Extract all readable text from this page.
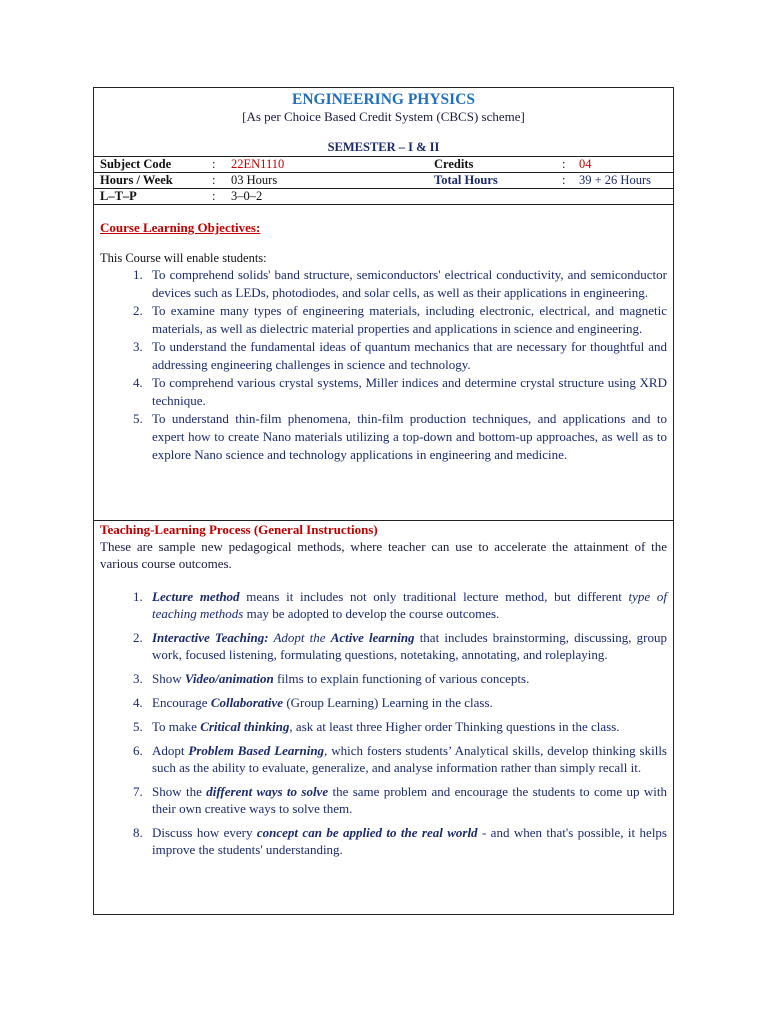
ENGINEERING PHYSICS
[As per Choice Based Credit System (CBCS) scheme]
SEMESTER – I & II
Subject Code	: 22EN1110	Credits	: 04
Hours / Week	: 03 Hours	Total Hours	: 39 + 26 Hours
L–T–P	: 3–0–2
Course Learning Objectives:
This Course will enable students:
1. To comprehend solids' band structure, semiconductors' electrical conductivity, and semiconductor devices such as LEDs, photodiodes, and solar cells, as well as their applications in engineering.
2. To examine many types of engineering materials, including electronic, electrical, and magnetic materials, as well as dielectric material properties and applications in science and engineering.
3. To understand the fundamental ideas of quantum mechanics that are necessary for thoughtful and addressing engineering challenges in science and technology.
4. To comprehend various crystal systems, Miller indices and determine crystal structure using XRD technique.
5. To understand thin-film phenomena, thin-film production techniques, and applications and to expert how to create Nano materials utilizing a top-down and bottom-up approaches, as well as to explore Nano science and technology applications in engineering and medicine.
Teaching-Learning Process (General Instructions)
These are sample new pedagogical methods, where teacher can use to accelerate the attainment of the various course outcomes.
1. Lecture method means it includes not only traditional lecture method, but different type of teaching methods may be adopted to develop the course outcomes.
2. Interactive Teaching: Adopt the Active learning that includes brainstorming, discussing, group work, focused listening, formulating questions, notetaking, annotating, and roleplaying.
3. Show Video/animation films to explain functioning of various concepts.
4. Encourage Collaborative (Group Learning) Learning in the class.
5. To make Critical thinking, ask at least three Higher order Thinking questions in the class.
6. Adopt Problem Based Learning, which fosters students’ Analytical skills, develop thinking skills such as the ability to evaluate, generalize, and analyse information rather than simply recall it.
7. Show the different ways to solve the same problem and encourage the students to come up with their own creative ways to solve them.
8. Discuss how every concept can be applied to the real world - and when that's possible, it helps improve the students' understanding.
